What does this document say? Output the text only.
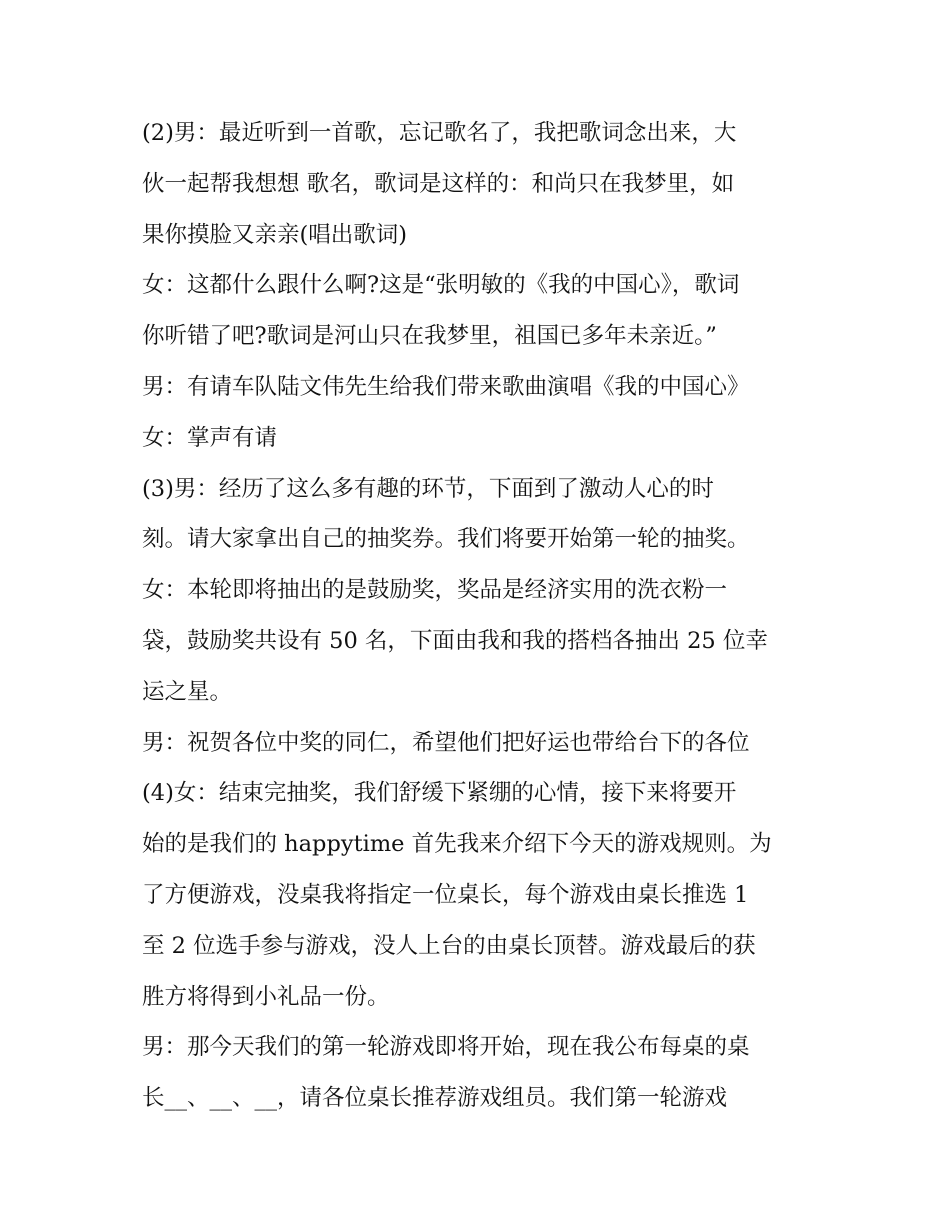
(2)男：最近听到一首歌，忘记歌名了，我把歌词念出来，大
伙一起帮我想想 歌名，歌词是这样的：和尚只在我梦里，如
果你摸脸又亲亲(唱出歌词)
女：这都什么跟什么啊?这是“张明敏的《我的中国心》，歌词
你听错了吧?歌词是河山只在我梦里，祖国已多年未亲近。”
男：有请车队陆文伟先生给我们带来歌曲演唱《我的中国心》
女：掌声有请
(3)男：经历了这么多有趣的环节，下面到了激动人心的时
刻。请大家拿出自己的抽奖券。我们将要开始第一轮的抽奖。
女：本轮即将抽出的是鼓励奖，奖品是经济实用的洗衣粉一
袋，鼓励奖共设有 50 名，下面由我和我的搭档各抽出 25 位幸
运之星。
男：祝贺各位中奖的同仁，希望他们把好运也带给台下的各位
(4)女：结束完抽奖，我们舒缓下紧绷的心情，接下来将要开
始的是我们的 happytime 首先我来介绍下今天的游戏规则。为
了方便游戏，没桌我将指定一位桌长，每个游戏由桌长推选 1
至 2 位选手参与游戏，没人上台的由桌长顶替。游戏最后的获
胜方将得到小礼品一份。
男：那今天我们的第一轮游戏即将开始，现在我公布每桌的桌
长__、__、__，请各位桌长推荐游戏组员。我们第一轮游戏
